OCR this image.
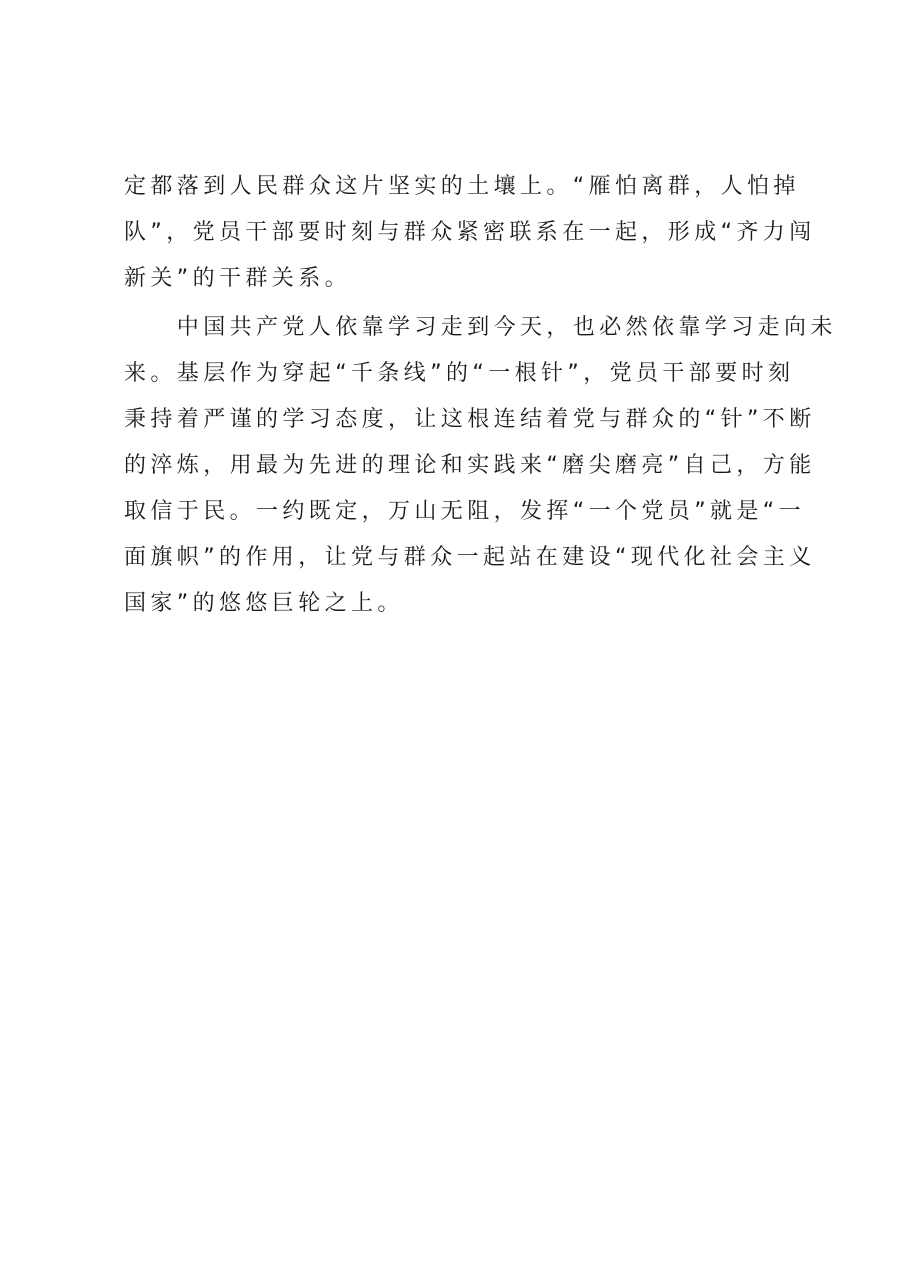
定都落到人民群众这片坚实的土壤上。“雁怕离群，人怕掉
队”，党员干部要时刻与群众紧密联系在一起，形成“齐力闯
新关”的干群关系。
　　中国共产党人依靠学习走到今天，也必然依靠学习走向未
来。基层作为穿起“千条线”的“一根针”，党员干部要时刻
秉持着严谨的学习态度，让这根连结着党与群众的“针”不断
的淬炼，用最为先进的理论和实践来“磨尖磨亮”自己，方能
取信于民。一约既定，万山无阻，发挥“一个党员”就是“一
面旗帜”的作用，让党与群众一起站在建设“现代化社会主义
国家”的悠悠巨轮之上。
